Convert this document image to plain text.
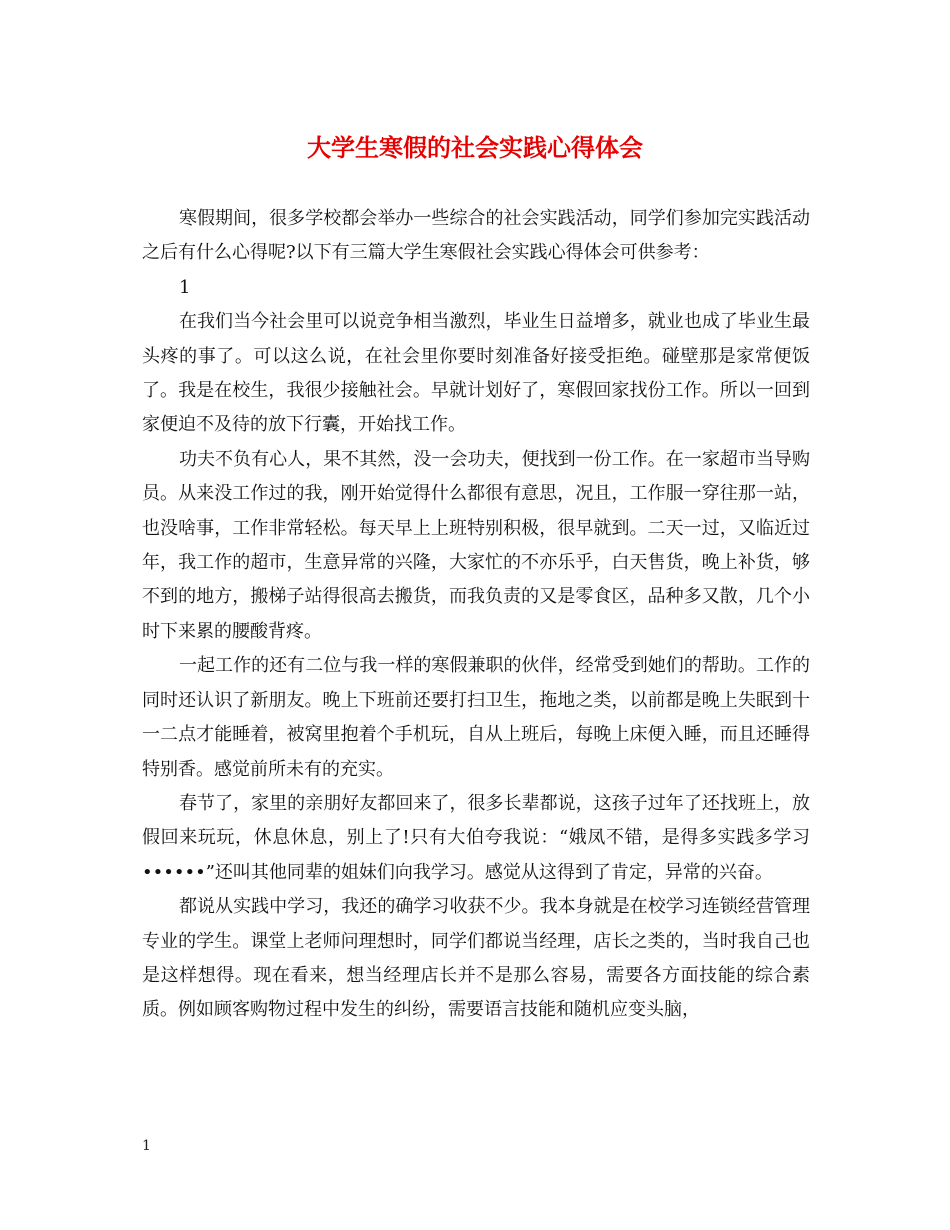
大学生寒假的社会实践心得体会

寒假期间，很多学校都会举办一些综合的社会实践活动，同学们参加完实践活动之后有什么心得呢?以下有三篇大学生寒假社会实践心得体会可供参考：

1

在我们当今社会里可以说竞争相当激烈，毕业生日益增多，就业也成了毕业生最头疼的事了。可以这么说，在社会里你要时刻准备好接受拒绝。碰壁那是家常便饭了。我是在校生，我很少接触社会。早就计划好了，寒假回家找份工作。所以一回到家便迫不及待的放下行囊，开始找工作。

功夫不负有心人，果不其然，没一会功夫，便找到一份工作。在一家超市当导购员。从来没工作过的我，刚开始觉得什么都很有意思，况且，工作服一穿往那一站，也没啥事，工作非常轻松。每天早上上班特别积极，很早就到。二天一过，又临近过年，我工作的超市，生意异常的兴隆，大家忙的不亦乐乎，白天售货，晚上补货，够不到的地方，搬梯子站得很高去搬货，而我负责的又是零食区，品种多又散，几个小时下来累的腰酸背疼。

一起工作的还有二位与我一样的寒假兼职的伙伴，经常受到她们的帮助。工作的同时还认识了新朋友。晚上下班前还要打扫卫生，拖地之类，以前都是晚上失眠到十一二点才能睡着，被窝里抱着个手机玩，自从上班后，每晚上床便入睡，而且还睡得特别香。感觉前所未有的充实。

春节了，家里的亲朋好友都回来了，很多长辈都说，这孩子过年了还找班上，放假回来玩玩，休息休息，别上了!只有大伯夸我说：“娥凤不错，是得多实践多学习••••••”还叫其他同辈的姐妹们向我学习。感觉从这得到了肯定，异常的兴奋。

都说从实践中学习，我还的确学习收获不少。我本身就是在校学习连锁经营管理专业的学生。课堂上老师问理想时，同学们都说当经理，店长之类的，当时我自己也是这样想得。现在看来，想当经理店长并不是那么容易，需要各方面技能的综合素质。例如顾客购物过程中发生的纠纷，需要语言技能和随机应变头脑，

1
